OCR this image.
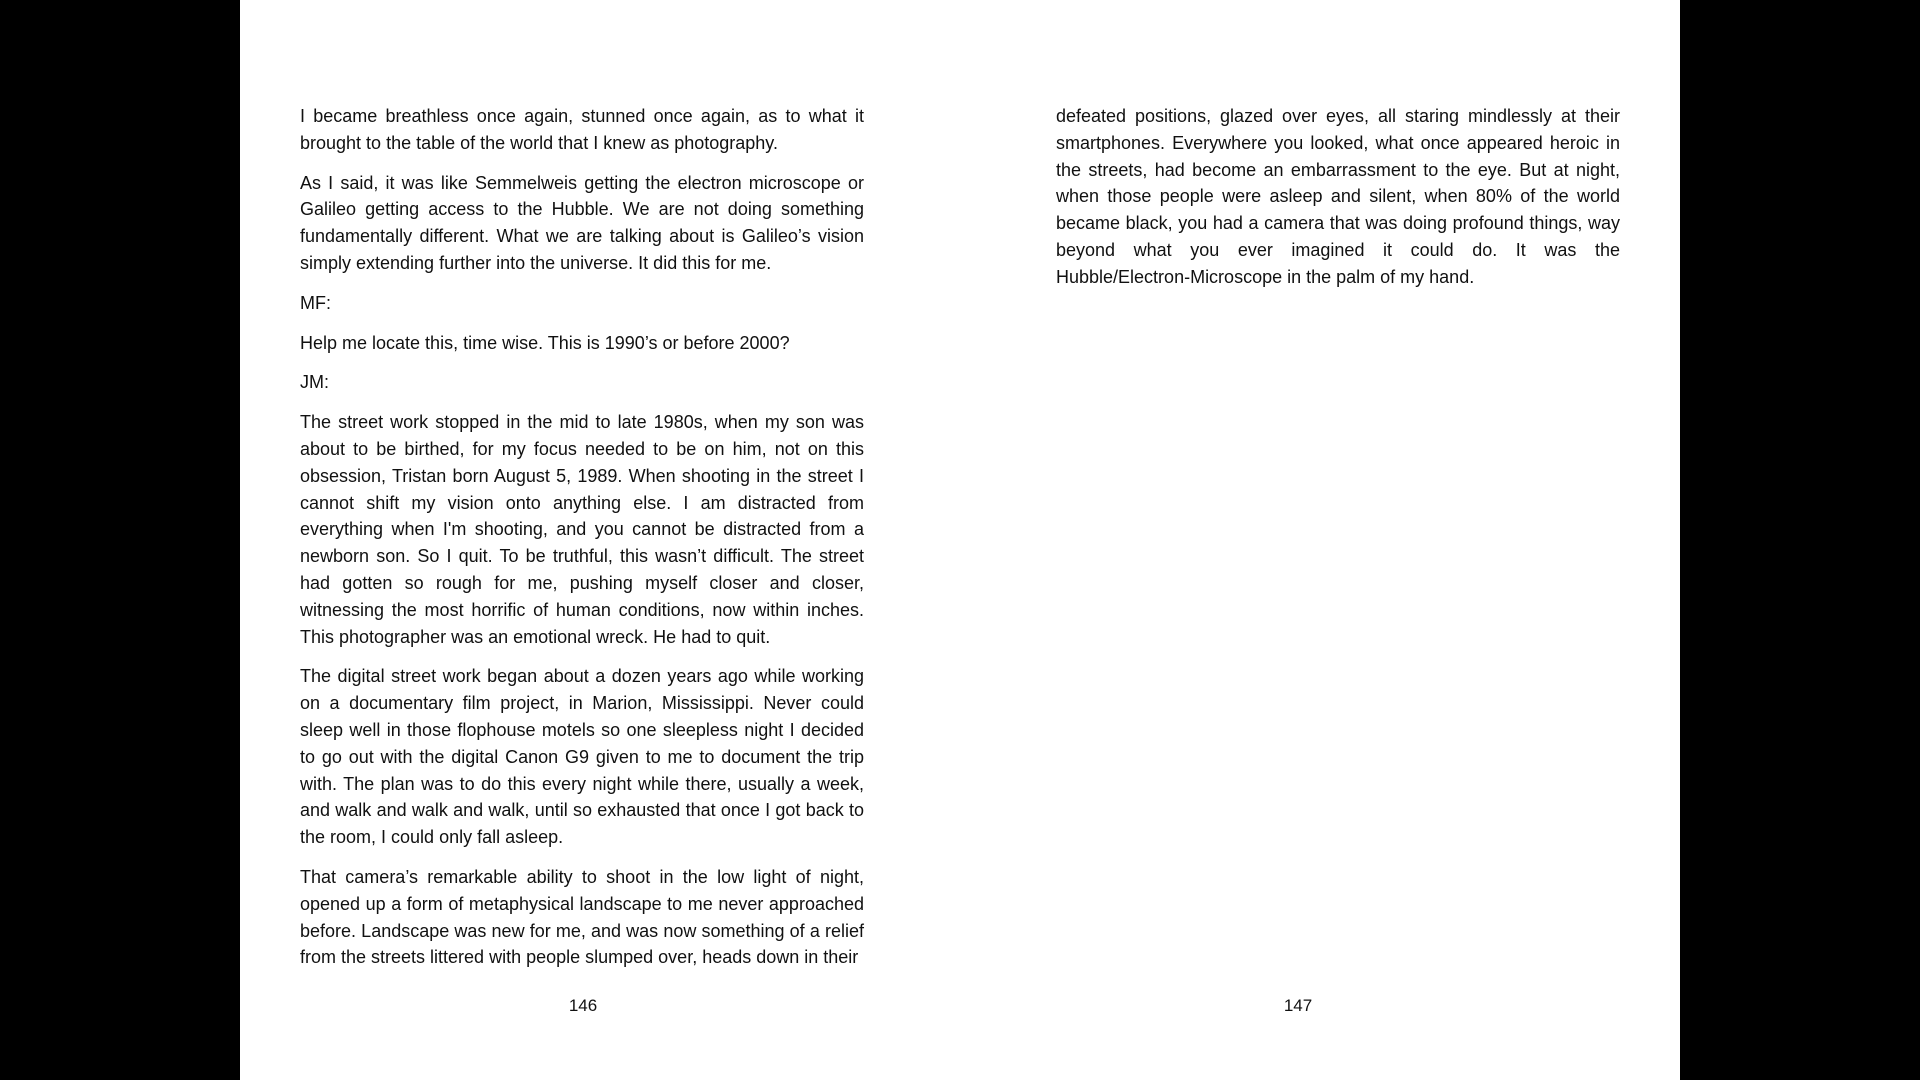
I became breathless once again, stunned once again, as to what it brought to the table of the world that I knew as photography.

As I said, it was like Semmelweis getting the electron microscope or Galileo getting access to the Hubble. We are not doing something fundamentally different. What we are talking about is Galileo’s vision simply extending further into the universe. It did this for me.

MF:

Help me locate this, time wise. This is 1990’s or before 2000?

JM:

The street work stopped in the mid to late 1980s, when my son was about to be birthed, for my focus needed to be on him, not on this obsession, Tristan born August 5, 1989. When shooting in the street I cannot shift my vision onto anything else. I am distracted from everything when I'm shooting, and you cannot be distracted from a newborn son. So I quit. To be truthful, this wasn’t difficult. The street had gotten so rough for me, pushing myself closer and closer, witnessing the most horrific of human conditions, now within inches. This photographer was an emotional wreck. He had to quit.

The digital street work began about a dozen years ago while working on a documentary film project, in Marion, Mississippi. Never could sleep well in those flophouse motels so one sleepless night I decided to go out with the digital Canon G9 given to me to document the trip with. The plan was to do this every night while there, usually a week, and walk and walk and walk, until so exhausted that once I got back to the room, I could only fall asleep.

That camera’s remarkable ability to shoot in the low light of night, opened up a form of metaphysical landscape to me never approached before. Landscape was new for me, and was now something of a relief from the streets littered with people slumped over, heads down in their

146

defeated positions, glazed over eyes, all staring mindlessly at their smartphones. Everywhere you looked, what once appeared heroic in the streets, had become an embarrassment to the eye. But at night, when those people were asleep and silent, when 80% of the world became black, you had a camera that was doing profound things, way beyond what you ever imagined it could do. It was the Hubble/Electron-Microscope in the palm of my hand.

147
